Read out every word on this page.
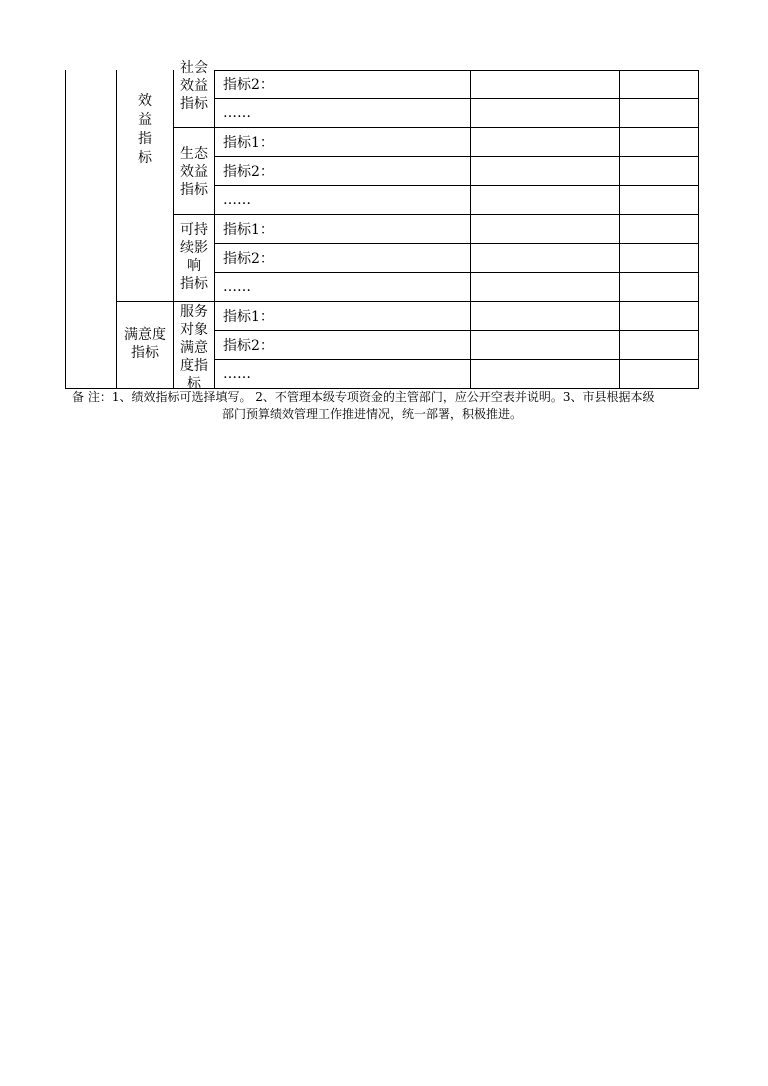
效
益
指
标
满意度
指标
社会
效益
指标
生态
效益
指标
可持
续影
响
指标
服务
对象
满意
度指
标
指标2：
……
指标1：
指标2：
……
指标1：
指标2：
……
指标1：
指标2：
……
备 注：1、绩效指标可选择填写。 2、不管理本级专项资金的主管部门，应公开空表并说明。3、市县根据本级
部门预算绩效管理工作推进情况，统一部署，积极推进。
